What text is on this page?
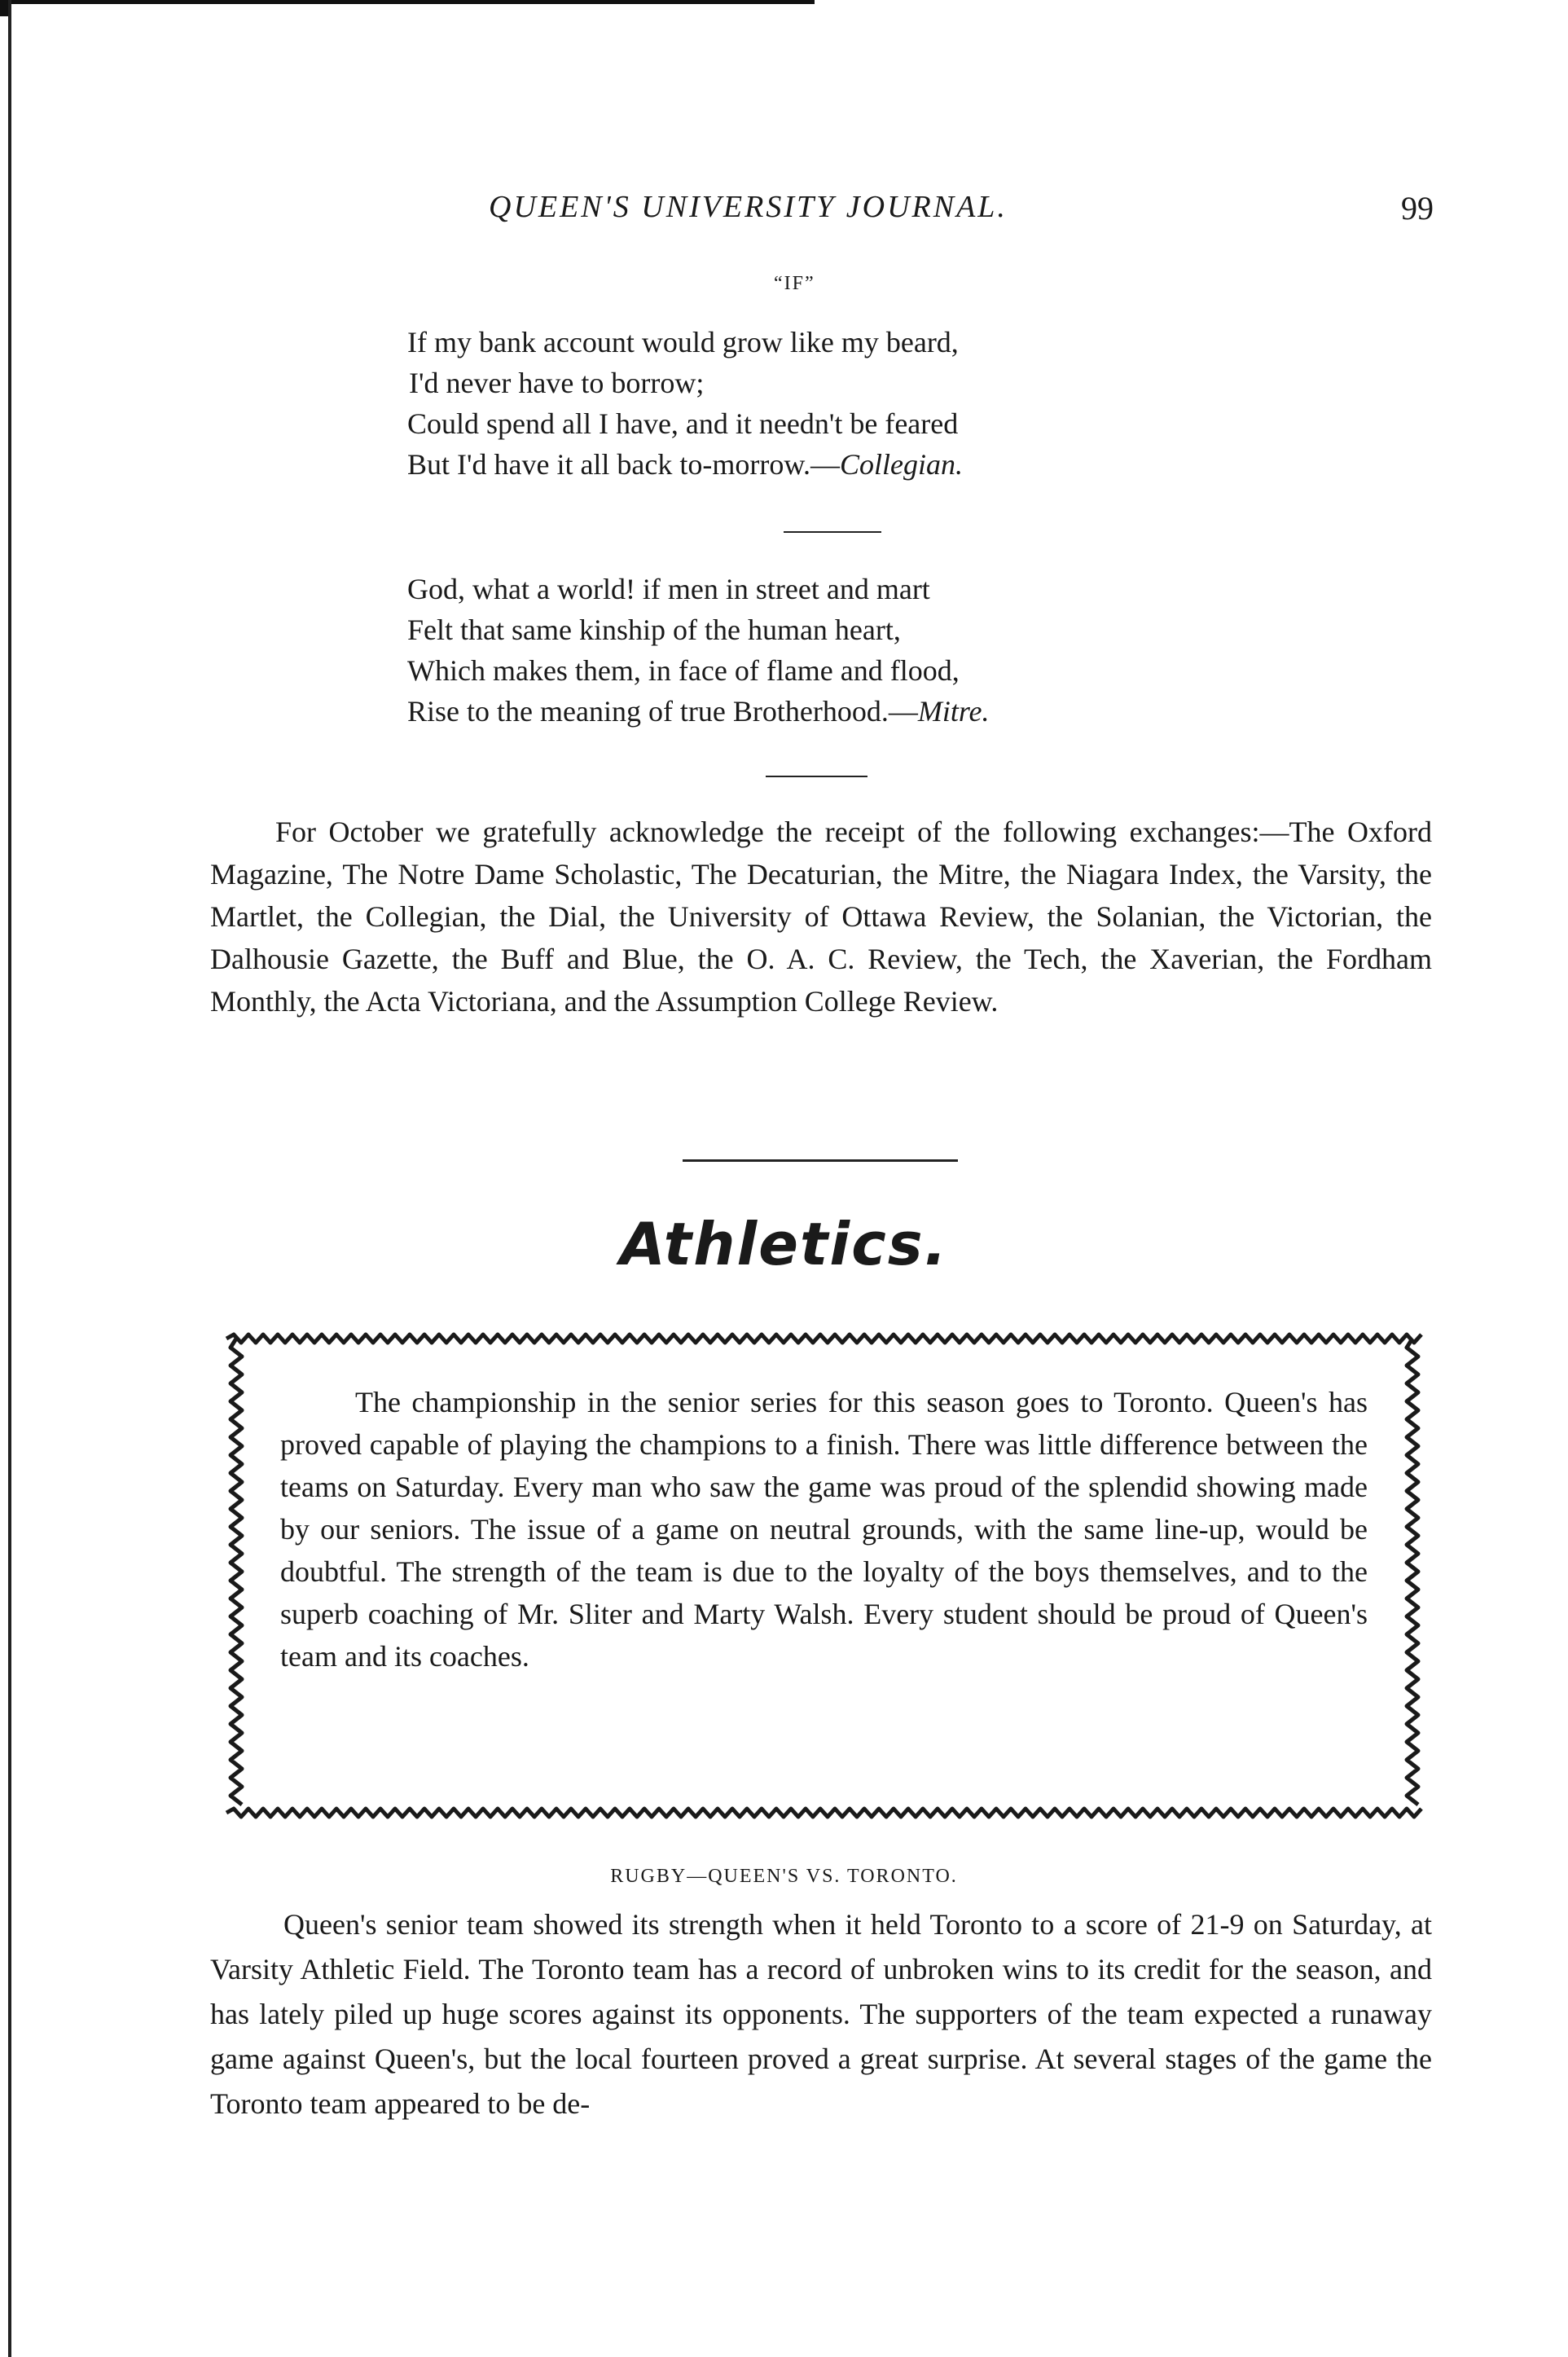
QUEEN'S UNIVERSITY JOURNAL.	99
“IF”
If my bank account would grow like my beard,
I'd never have to borrow;
Could spend all I have, and it needn't be feared
But I'd have it all back to-morrow.—Collegian.
God, what a world! if men in street and mart
Felt that same kinship of the human heart,
Which makes them, in face of flame and flood,
Rise to the meaning of true Brotherhood.—Mitre.
For October we gratefully acknowledge the receipt of the following exchanges:—The Oxford Magazine, The Notre Dame Scholastic, The Decaturian, the Mitre, the Niagara Index, the Varsity, the Martlet, the Collegian, the Dial, the University of Ottawa Review, the Solanian, the Victorian, the Dalhousie Gazette, the Buff and Blue, the O. A. C. Review, the Tech, the Xaverian, the Fordham Monthly, the Acta Victoriana, and the Assumption College Review.
Athletics.
The championship in the senior series for this season goes to Toronto. Queen's has proved capable of playing the champions to a finish. There was little difference between the teams on Saturday. Every man who saw the game was proud of the splendid showing made by our seniors. The issue of a game on neutral grounds, with the same line-up, would be doubtful. The strength of the team is due to the loyalty of the boys themselves, and to the superb coaching of Mr. Sliter and Marty Walsh. Every student should be proud of Queen's team and its coaches.
RUGBY—QUEEN'S VS. TORONTO.
Queen's senior team showed its strength when it held Toronto to a score of 21-9 on Saturday, at Varsity Athletic Field. The Toronto team has a record of unbroken wins to its credit for the season, and has lately piled up huge scores against its opponents. The supporters of the team expected a runaway game against Queen's, but the local fourteen proved a great surprise. At several stages of the game the Toronto team appeared to be de-
